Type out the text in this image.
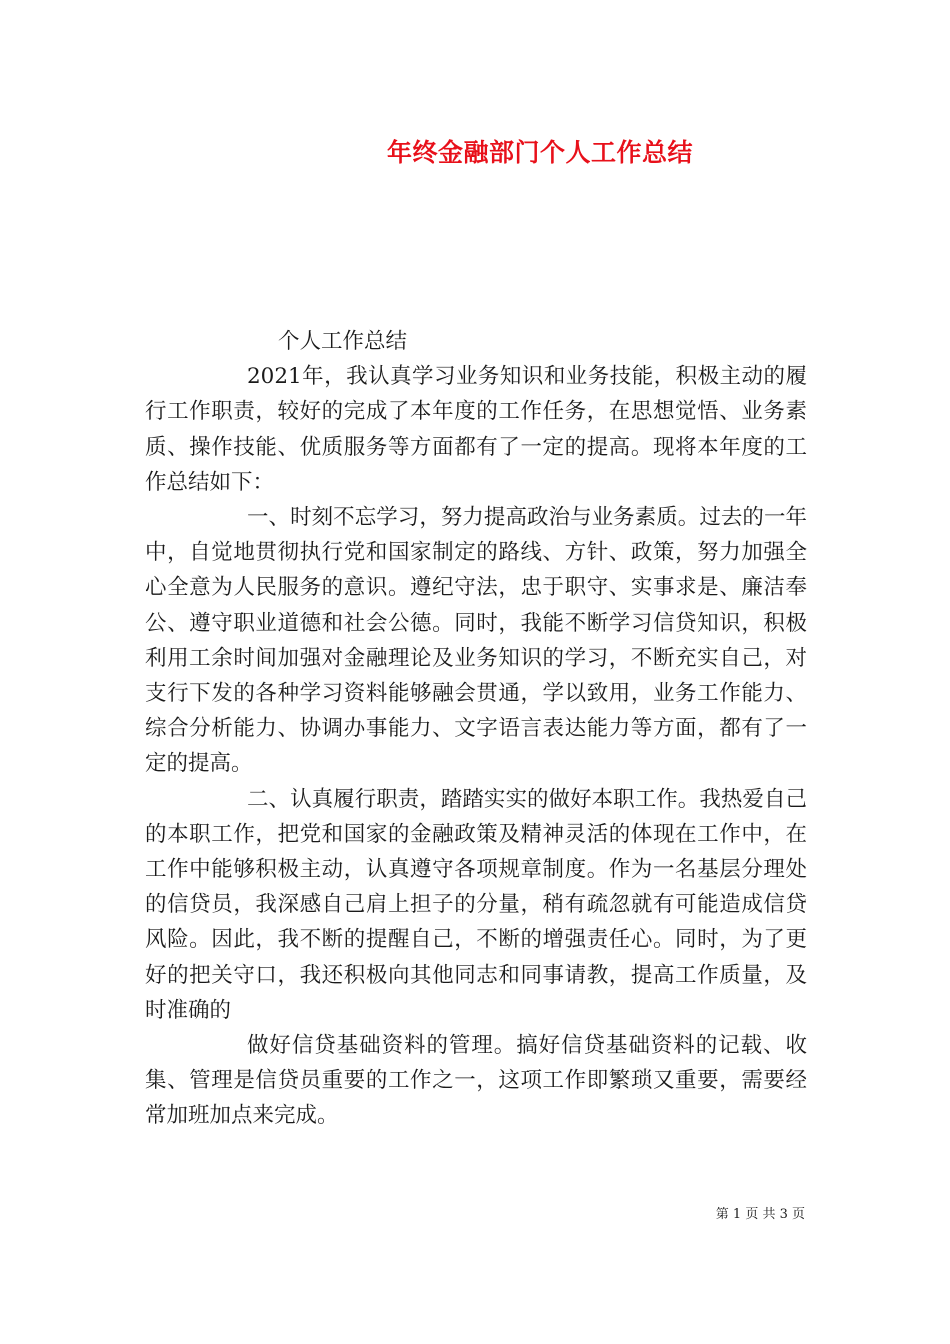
年终金融部门个人工作总结

个人工作总结

2021年，我认真学习业务知识和业务技能，积极主动的履行工作职责，较好的完成了本年度的工作任务，在思想觉悟、业务素质、操作技能、优质服务等方面都有了一定的提高。现将本年度的工作总结如下：

一、时刻不忘学习，努力提高政治与业务素质。过去的一年中，自觉地贯彻执行党和国家制定的路线、方针、政策，努力加强全心全意为人民服务的意识。遵纪守法，忠于职守、实事求是、廉洁奉公、遵守职业道德和社会公德。同时，我能不断学习信贷知识，积极利用工余时间加强对金融理论及业务知识的学习，不断充实自己，对支行下发的各种学习资料能够融会贯通，学以致用，业务工作能力、综合分析能力、协调办事能力、文字语言表达能力等方面，都有了一定的提高。

二、认真履行职责，踏踏实实的做好本职工作。我热爱自己的本职工作，把党和国家的金融政策及精神灵活的体现在工作中，在工作中能够积极主动，认真遵守各项规章制度。作为一名基层分理处的信贷员，我深感自己肩上担子的分量，稍有疏忽就有可能造成信贷风险。因此，我不断的提醒自己，不断的增强责任心。同时，为了更好的把关守口，我还积极向其他同志和同事请教，提高工作质量，及时准确的

做好信贷基础资料的管理。搞好信贷基础资料的记载、收集、管理是信贷员重要的工作之一，这项工作即繁琐又重要，需要经常加班加点来完成。

第 1 页 共 3 页
